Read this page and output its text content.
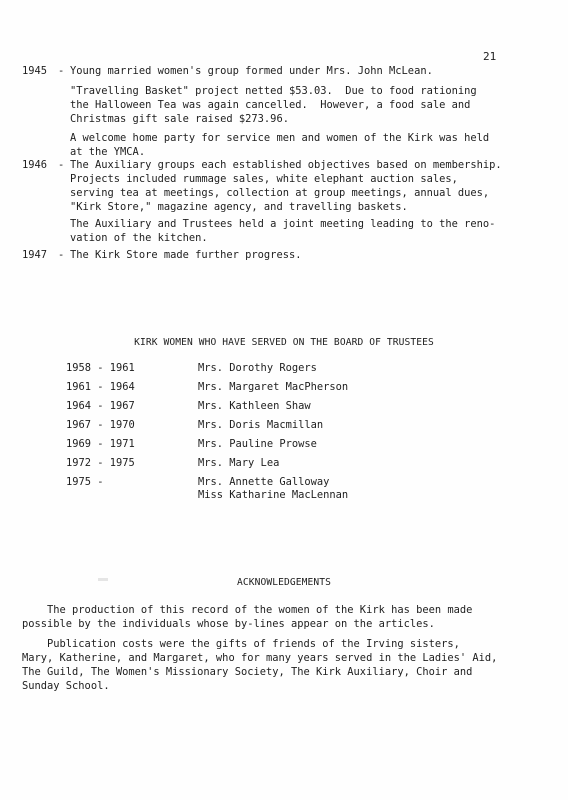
21
1945 - Young married women's group formed under Mrs. John McLean.
"Travelling Basket" project netted $53.03.  Due to food rationing
the Halloween Tea was again cancelled.  However, a food sale and
Christmas gift sale raised $273.96.
A welcome home party for service men and women of the Kirk was held
at the YMCA.
1946 - The Auxiliary groups each established objectives based on membership.
Projects included rummage sales, white elephant auction sales,
serving tea at meetings, collection at group meetings, annual dues,
"Kirk Store," magazine agency, and travelling baskets.
The Auxiliary and Trustees held a joint meeting leading to the reno-
vation of the kitchen.
1947 - The Kirk Store made further progress.
KIRK WOMEN WHO HAVE SERVED ON THE BOARD OF TRUSTEES
1958 - 1961	Mrs. Dorothy Rogers
1961 - 1964	Mrs. Margaret MacPherson
1964 - 1967	Mrs. Kathleen Shaw
1967 - 1970	Mrs. Doris Macmillan
1969 - 1971	Mrs. Pauline Prowse
1972 - 1975	Mrs. Mary Lea
1975 -	Mrs. Annette Galloway
Miss Katharine MacLennan
ACKNOWLEDGEMENTS
The production of this record of the women of the Kirk has been made
possible by the individuals whose by-lines appear on the articles.
Publication costs were the gifts of friends of the Irving sisters,
Mary, Katherine, and Margaret, who for many years served in the Ladies' Aid,
The Guild, The Women's Missionary Society, The Kirk Auxiliary, Choir and
Sunday School.
